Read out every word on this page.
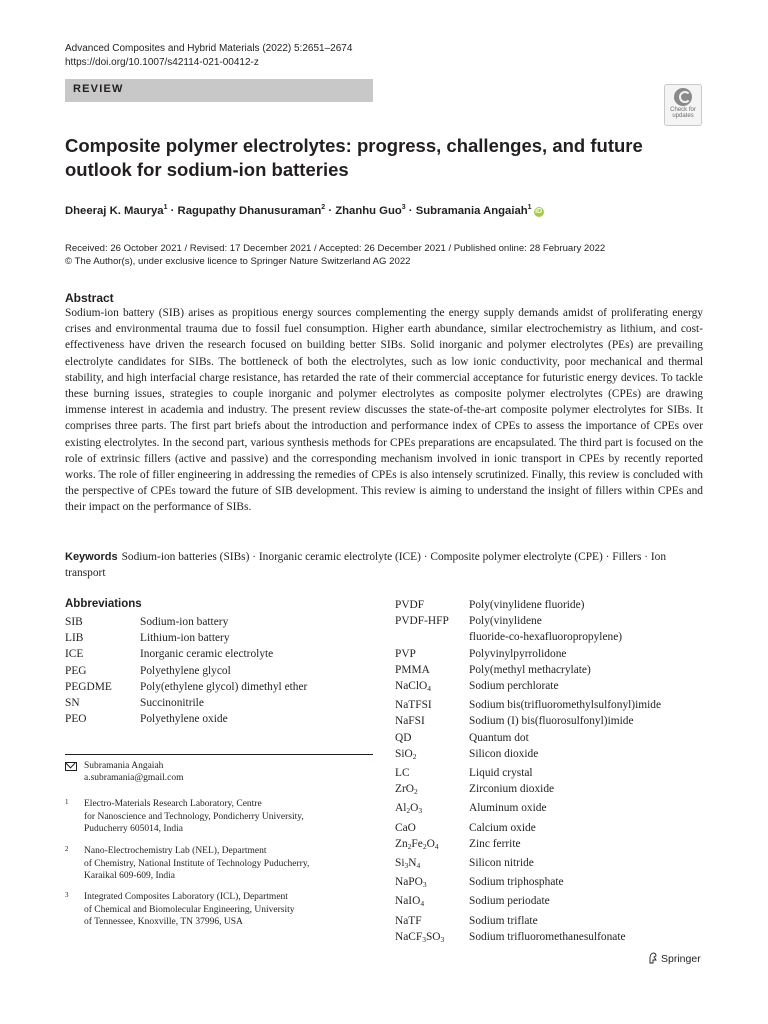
Advanced Composites and Hybrid Materials (2022) 5:2651–2674
https://doi.org/10.1007/s42114-021-00412-z
REVIEW
Check for
updates
Composite polymer electrolytes: progress, challenges, and future outlook for sodium-ion batteries
Dheeraj K. Maurya$^1$ · Ragupathy Dhanusuraman$^2$ · Zhanhu Guo$^3$ · Subramania Angaiah$^1$iD
Received: 26 October 2021 / Revised: 17 December 2021 / Accepted: 26 December 2021 / Published online: 28 February 2022
© The Author(s), under exclusive licence to Springer Nature Switzerland AG 2022
Abstract
Sodium-ion battery (SIB) arises as propitious energy sources complementing the energy supply demands amidst of proliferating energy crises and environmental trauma due to fossil fuel consumption. Higher earth abundance, similar electrochemistry as lithium, and cost-effectiveness have driven the research focused on building better SIBs. Solid inorganic and polymer electrolytes (PEs) are prevailing electrolyte candidates for SIBs. The bottleneck of both the electrolytes, such as low ionic conductivity, poor mechanical and thermal stability, and high interfacial charge resistance, has retarded the rate of their commercial acceptance for futuristic energy devices. To tackle these burning issues, strategies to couple inorganic and polymer electrolytes as composite polymer electrolytes (CPEs) are drawing immense interest in academia and industry. The present review discusses the state-of-the-art composite polymer electrolytes for SIBs. It comprises three parts. The first part briefs about the introduction and performance index of CPEs to assess the importance of CPEs over existing electrolytes. In the second part, various synthesis methods for CPEs preparations are encapsulated. The third part is focused on the role of extrinsic fillers (active and passive) and the corresponding mechanism involved in ionic transport in CPEs by recently reported works. The role of filler engineering in addressing the remedies of CPEs is also intensely scrutinized. Finally, this review is concluded with the perspective of CPEs toward the future of SIB development. This review is aiming to understand the insight of fillers within CPEs and their impact on the performance of SIBs.
Keywords Sodium-ion batteries (SIBs) · Inorganic ceramic electrolyte (ICE) · Composite polymer electrolyte (CPE) · Fillers · Ion transport
Abbreviations
SIB	Sodium-ion battery
LIB	Lithium-ion battery
ICE	Inorganic ceramic electrolyte
PEG	Polyethylene glycol
PEGDME	Poly(ethylene glycol) dimethyl ether
SN	Succinonitrile
PEO	Polyethylene oxide
PVDF	Poly(vinylidene fluoride)
PVDF-HFP	Poly(vinylidene
fluoride-co-hexafluoropropylene)
PVP	Polyvinylpyrrolidone
PMMA	Poly(methyl methacrylate)
NaClO$_4$	Sodium perchlorate
NaTFSI	Sodium bis(trifluoromethylsulfonyl)imide
NaFSI	Sodium (I) bis(fluorosulfonyl)imide
QD	Quantum dot
SiO$_2$	Silicon dioxide
LC	Liquid crystal
ZrO$_2$	Zirconium dioxide
$Al_2O_3$	Aluminum oxide
CaO	Calcium oxide
$Zn_2Fe_2O_4$	Zinc ferrite
$Si_3N_4$	Silicon nitride
NaPO$_3$	Sodium triphosphate
NaIO$_4$	Sodium periodate
NaTF	Sodium triflate
$NaCF_3SO_3$	Sodium trifluoromethanesulfonate
Subramania Angaiah
a.subramania@gmail.com
1 Electro-Materials Research Laboratory, Centre
for Nanoscience and Technology, Pondicherry University,
Puducherry 605014, India
2 Nano-Electrochemistry Lab (NEL), Department
of Chemistry, National Institute of Technology Puducherry,
Karaikal 609-609, India
3 Integrated Composites Laboratory (ICL), Department
of Chemical and Biomolecular Engineering, University
of Tennessee, Knoxville, TN 37996, USA
Springer
